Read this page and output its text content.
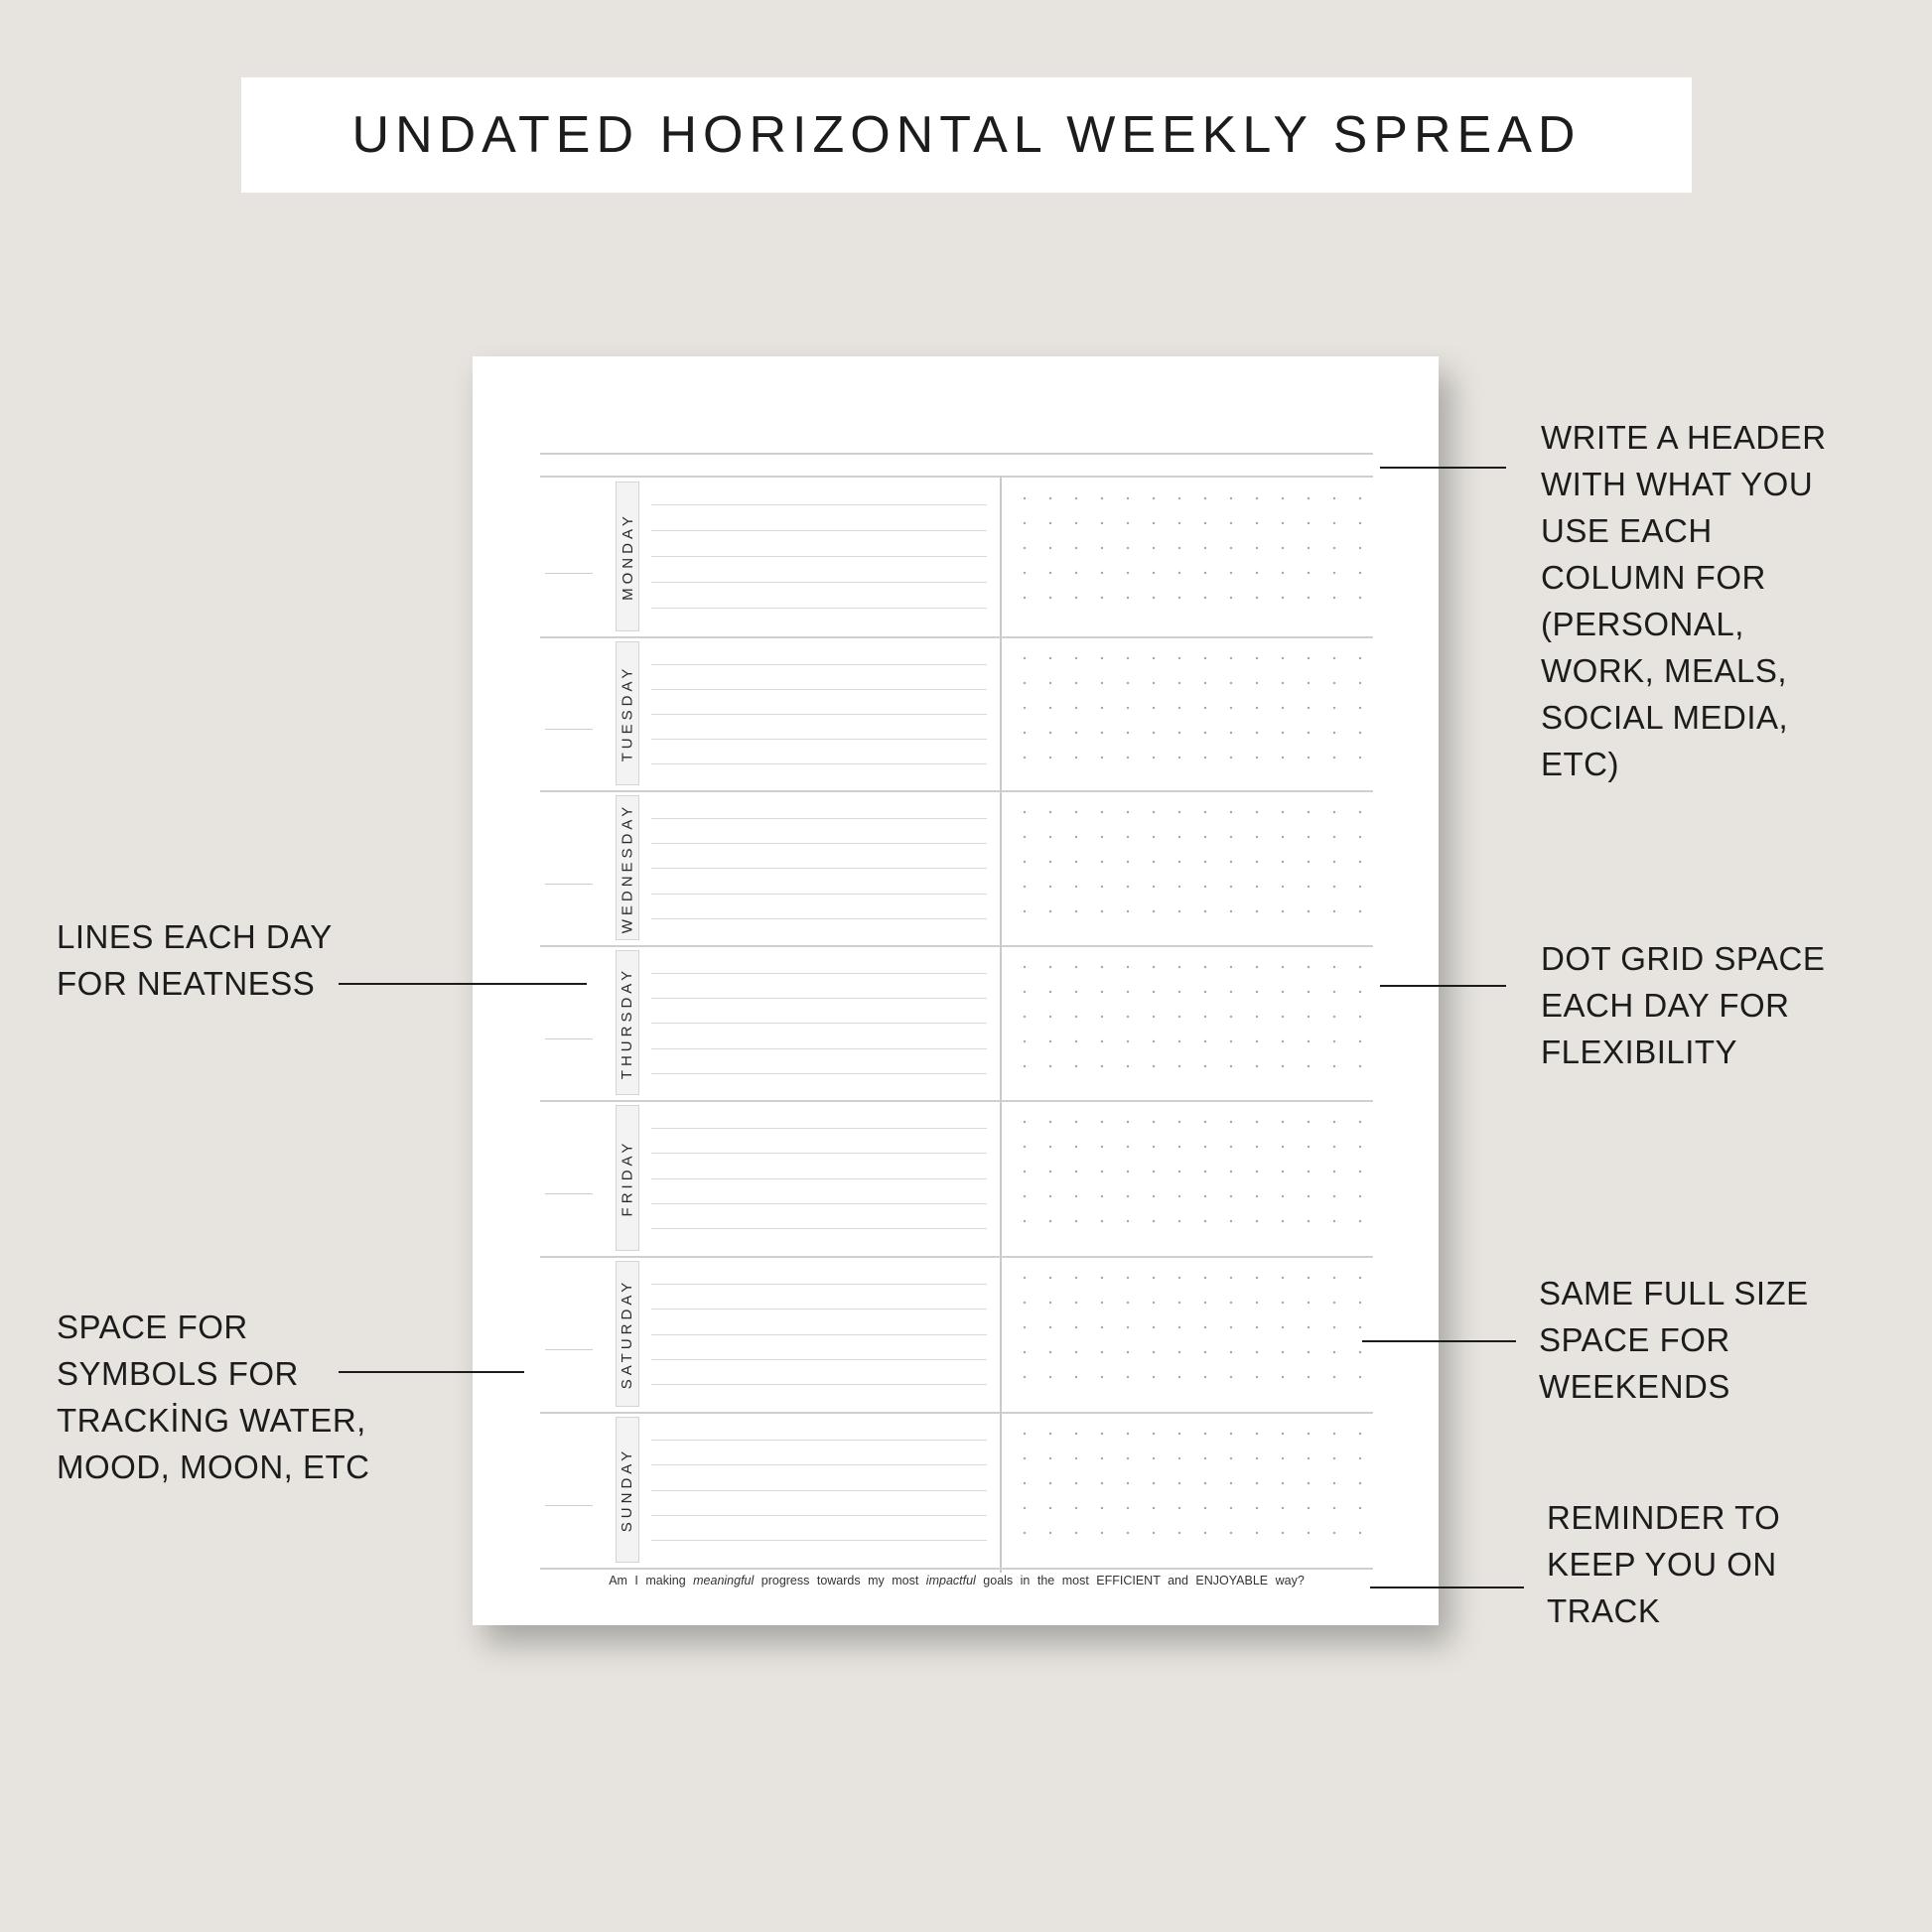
UNDATED HORIZONTAL WEEKLY SPREAD
Am I making meaningful progress towards my most impactful goals in the most EFFICIENT and ENJOYABLE way?
MONDAY
TUESDAY
WEDNESDAY
THURSDAY
FRIDAY
SATURDAY
SUNDAY
LINES EACH DAY
FOR NEATNESS
SPACE FOR
SYMBOLS FOR
TRACKİNG WATER,
MOOD, MOON, ETC
WRITE A HEADER
WITH WHAT YOU
USE EACH
COLUMN FOR
(PERSONAL,
WORK, MEALS,
SOCIAL MEDIA,
ETC)
DOT GRID SPACE
EACH DAY FOR
FLEXIBILITY
SAME FULL SIZE
SPACE FOR
WEEKENDS
REMINDER TO
KEEP YOU ON
TRACK
